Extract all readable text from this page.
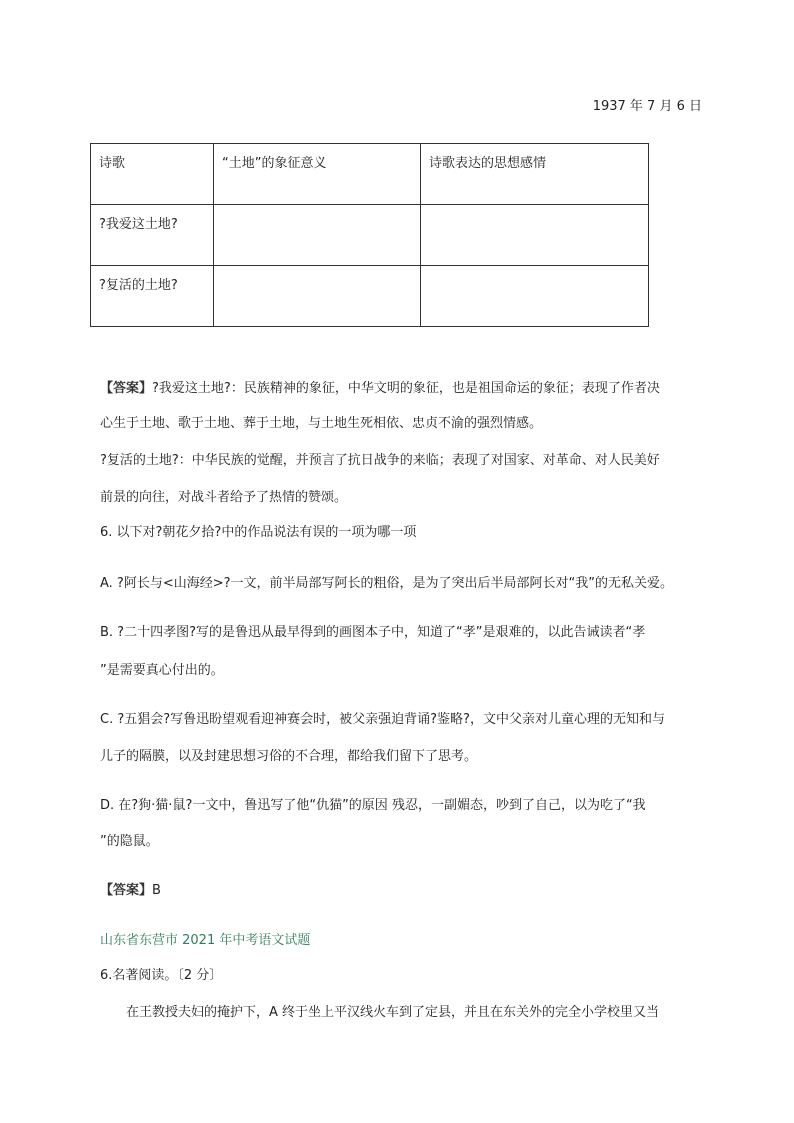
1937 年 7 月 6 日
诗歌	“土地”的象征意义	诗歌表达的思想感情
?我爱这土地?		
?复活的土地?		
【答案】?我爱这土地?：民族精神的象征，中华文明的象征，也是祖国命运的象征；表现了作者决
心生于土地、歌于土地、葬于土地，与土地生死相依、忠贞不渝的强烈情感。
?复活的土地?：中华民族的觉醒，并预言了抗日战争的来临；表现了对国家、对革命、对人民美好
前景的向往，对战斗者给予了热情的赞颂。
6. 以下对?朝花夕拾?中的作品说法有误的一项为哪一项
A. ?阿长与<山海经>?一文，前半局部写阿长的粗俗，是为了突出后半局部阿长对“我”的无私关爱。
B. ?二十四孝图?写的是鲁迅从最早得到的画图本子中，知道了“孝”是艰难的，以此告诫读者“孝
”是需要真心付出的。
C. ?五猖会?写鲁迅盼望观看迎神赛会时，被父亲强迫背诵?鉴略?，文中父亲对儿童心理的无知和与
儿子的隔膜，以及封建思想习俗的不合理，都给我们留下了思考。
D. 在?狗·猫·鼠?一文中，鲁迅写了他“仇猫”的原因 残忍，一副媚态，吵到了自己，以为吃了“我
”的隐鼠。
【答案】B
山东省东营市 2021 年中考语文试题
6.名著阅读。〔2 分〕
在王教授夫妇的掩护下，A 终于坐上平汉线火车到了定县，并且在东关外的完全小学校里又当
